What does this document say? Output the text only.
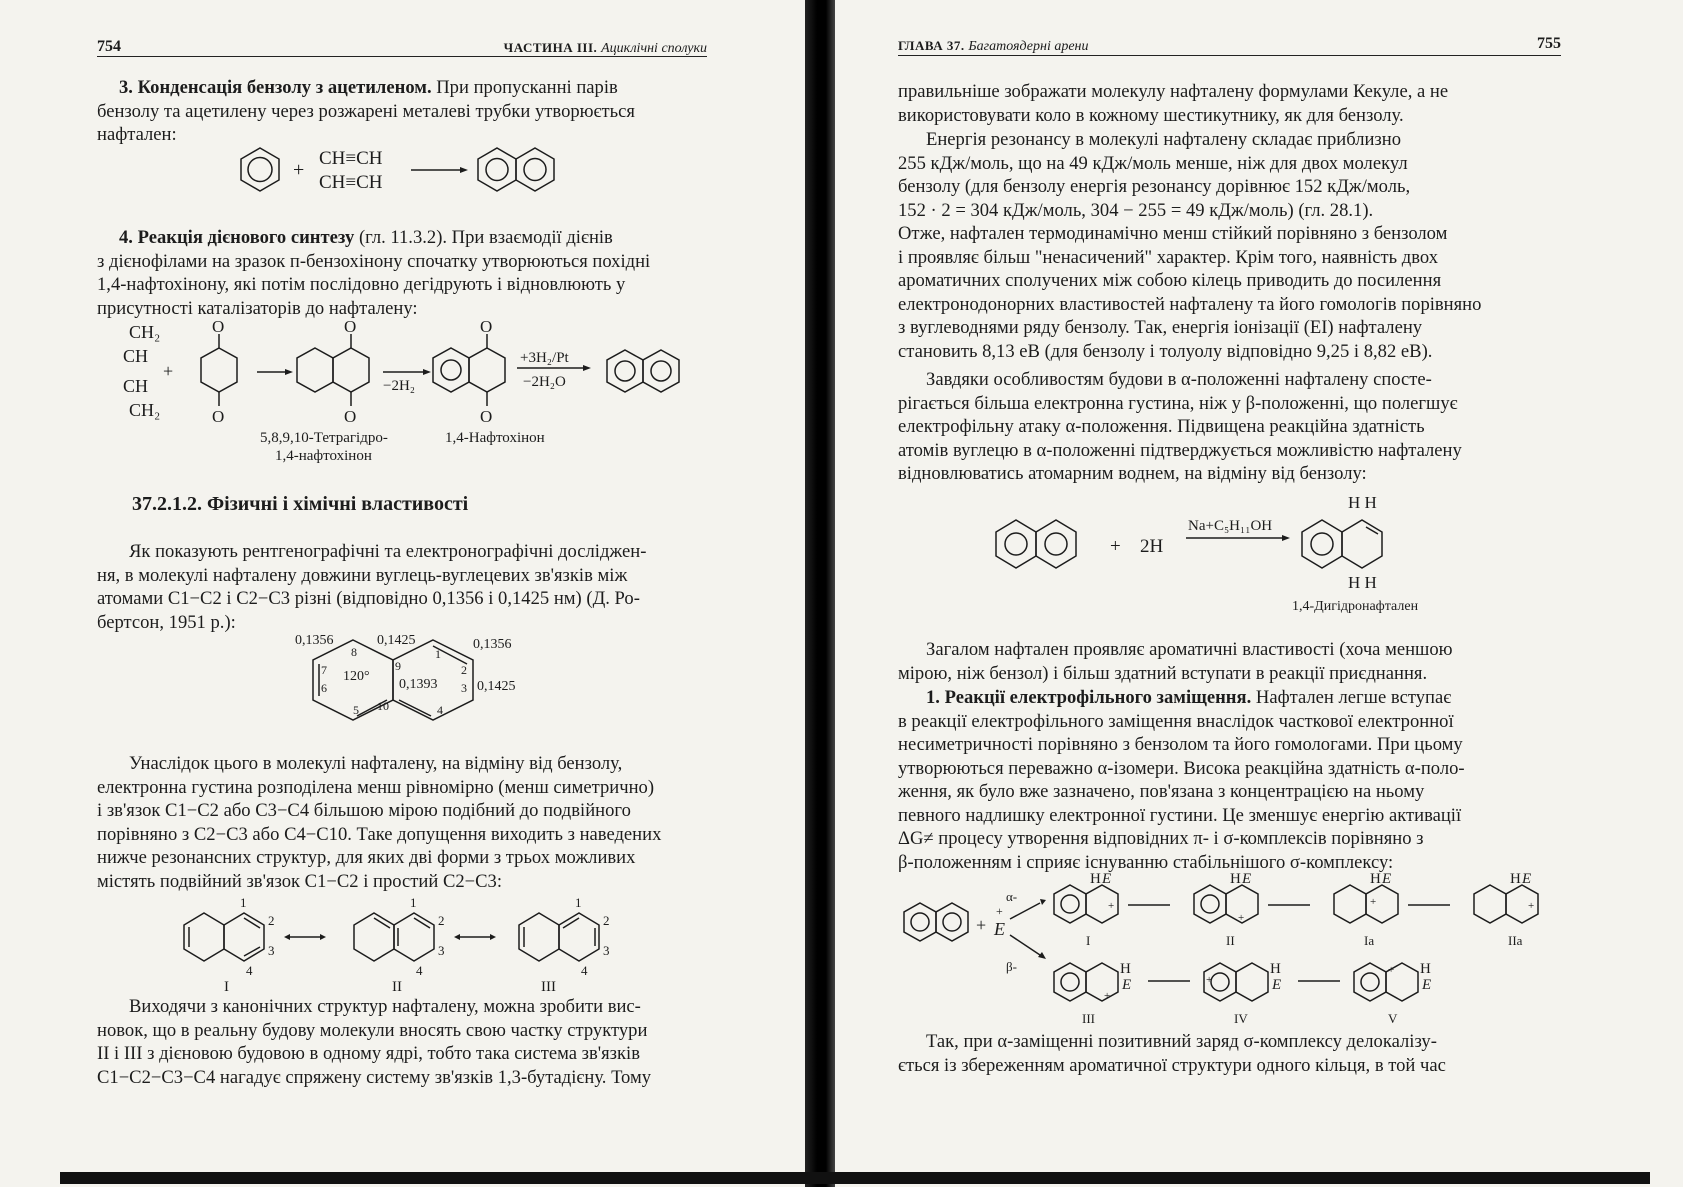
754	ЧАСТИНА III. Ациклічні сполуки
3. Конденсація бензолу з ацетиленом. При пропусканні парів
бензолу та ацетилену через розжарені металеві трубки утворюється
нафтален:
+
CH≡CH
CH≡CH
4. Реакція дієнового синтезу (гл. 11.3.2). При взаємодії дієнів
з дієнофілами на зразок п-бензохінону спочатку утворюються похідні
1,4-нафтохінону, які потім послідовно дегідрують і відновлюють у
присутності каталізаторів до нафталену:
CH₂
CH
CH
CH₂
+
O
O
O
O
−2H₂
O
O
+3H₂/Pt
−2H₂O
5,8,9,10-Тетрагідро-
1,4-нафтохінон
1,4-Нафтохінон
37.2.1.2. Фізичні і хімічні властивості
Як показують рентгенографічні та електронографічні досліджен-
ня, в молекулі нафталену довжини вуглець-вуглецевих зв'язків між
атомами С1−С2 і С2−С3 різні (відповідно 0,1356 і 0,1425 нм) (Д. Ро-
бертсон, 1951 р.):
0,1356	0,1425	0,1356
0,1425
0,1393
120°
1
2
3
4
5
6
7
8
9
10
Унаслідок цього в молекулі нафталену, на відміну від бензолу,
електронна густина розподілена менш рівномірно (менш симетрично)
і зв'язок С1−С2 або С3−С4 більшою мірою подібний до подвійного
порівняно з С2−С3 або С4−С10. Таке допущення виходить з наведених
нижче резонансних структур, для яких дві форми з трьох можливих
містять подвійний зв'язок С1−С2 і простий С2−С3:
1
2
3
4
I
1
2
3
4
II
1
2
3
4
III
Виходячи з канонічних структур нафталену, можна зробити вис-
новок, що в реальну будову молекули вносять свою частку структури
II і III з дієновою будовою в одному ядрі, тобто така система зв'язків
С1−С2−С3−С4 нагадує спряжену систему зв'язків 1,3-бутадієну. Тому
ГЛАВА 37. Багатоядерні арени	755
правильніше зображати молекулу нафталену формулами Кекуле, а не
використовувати коло в кожному шестикутнику, як для бензолу.
Енергія резонансу в молекулі нафталену складає приблизно
255 кДж/моль, що на 49 кДж/моль менше, ніж для двох молекул
бензолу (для бензолу енергія резонансу дорівнює 152 кДж/моль,
152 · 2 = 304 кДж/моль, 304 − 255 = 49 кДж/моль) (гл. 28.1).
Отже, нафтален термодинамічно менш стійкий порівняно з бензолом
і проявляє більш "ненасичений" характер. Крім того, наявність двох
ароматичних сполучених між собою кілець приводить до посилення
електронодонорних властивостей нафталену та його гомологів порівняно
з вуглеводнями ряду бензолу. Так, енергія іонізації (ЕІ) нафталену
становить 8,13 еВ (для бензолу і толуолу відповідно 9,25 і 8,82 еВ).
Завдяки особливостям будови в α-положенні нафталену спосте-
рігається більша електронна густина, ніж у β-положенні, що полегшує
електрофільну атаку α-положення. Підвищена реакційна здатність
атомів вуглецю в α-положенні підтверджується можливістю нафталену
відновлюватись атомарним воднем, на відміну від бензолу:
+ 2H
Na+C₅H₁₁OH
H H
H H
1,4-Дигідронафтален
Загалом нафтален проявляє ароматичні властивості (хоча меншою
мірою, ніж бензол) і більш здатний вступати в реакції приєднання.
1. Реакції електрофільного заміщення. Нафтален легше вступає
в реакції електрофільного заміщення внаслідок часткової електронної
несиметричності порівняно з бензолом та його гомологами. При цьому
утворюються переважно α-ізомери. Висока реакційна здатність α-поло-
ження, як було вже зазначено, пов'язана з концентрацією на ньому
певного надлишку електронної густини. Це зменшує енергію активації
ΔG≠ процесу утворення відповідних π- і σ-комплексів порівняно з
β-положенням і сприяє існуванню стабільнішого σ-комплексу:
+ E
+
α-
β-
H E
+
I
H E
+
II
H E
+
Ia
H E
+
IIa
H
E
+
III
H
E
+
IV
H
E
+
V
Так, при α-заміщенні позитивний заряд σ-комплексу делокалізу-
ється із збереженням ароматичної структури одного кільця, в той час
